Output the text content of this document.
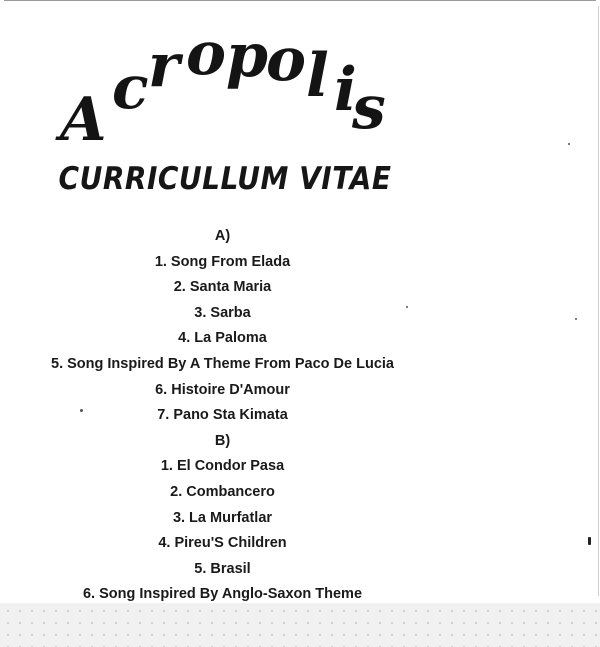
A c r o p
o l i
s
CURRICULLUM VITAE
A)
1. Song From Elada
2. Santa Maria
3. Sarba
4. La Paloma
5. Song Inspired By A Theme From Paco De Lucia
6. Histoire D'Amour
7. Pano Sta Kimata
B)
1. El Condor Pasa
2. Combancero
3. La Murfatlar
4. Pireu'S Children
5. Brasil
6. Song Inspired By Anglo-Saxon Theme
